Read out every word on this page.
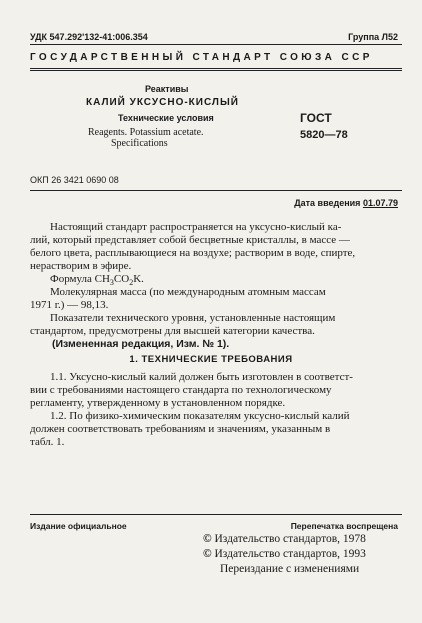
УДК 547.292'132-41:006.354	Группа Л52
ГОСУДАРСТВЕННЫЙ СТАНДАРТ СОЮЗА ССР
Реактивы
КАЛИЙ УКСУСНО-КИСЛЫЙ
Технические условия
Reagents. Potassium acetate.
Specifications
ГОСТ
5820—78
ОКП 26 3421 0690 08
Дата введения 01.07.79

Настоящий стандарт распространяется на уксусно-кислый ка-

лий, который представляет собой бесцветные кристаллы, в массе —

белого цвета, расплывающиеся на воздухе; растворим в воде, спирте,

нерастворим в эфире.

Формула $CH_3CO_2K$.

Молекулярная масса (по международным атомным массам

1971 г.) — 98,13.

Показатели технического уровня, установленные настоящим

стандартом, предусмотрены для высшей категории качества.

(Измененная редакция, Изм. № 1).
1. ТЕХНИЧЕСКИЕ ТРЕБОВАНИЯ

1.1. Уксусно-кислый калий должен быть изготовлен в соответст-

вии с требованиями настоящего стандарта по технологическому

регламенту, утвержденному в установленном порядке.

1.2. По физико-химическим показателям уксусно-кислый калий

должен соответствовать требованиям и значениям, указанным в

табл. 1.

Издание официальное	Перепечатка воспрещена
© Издательство стандартов, 1978
© Издательство стандартов, 1993
Переиздание с изменениями
